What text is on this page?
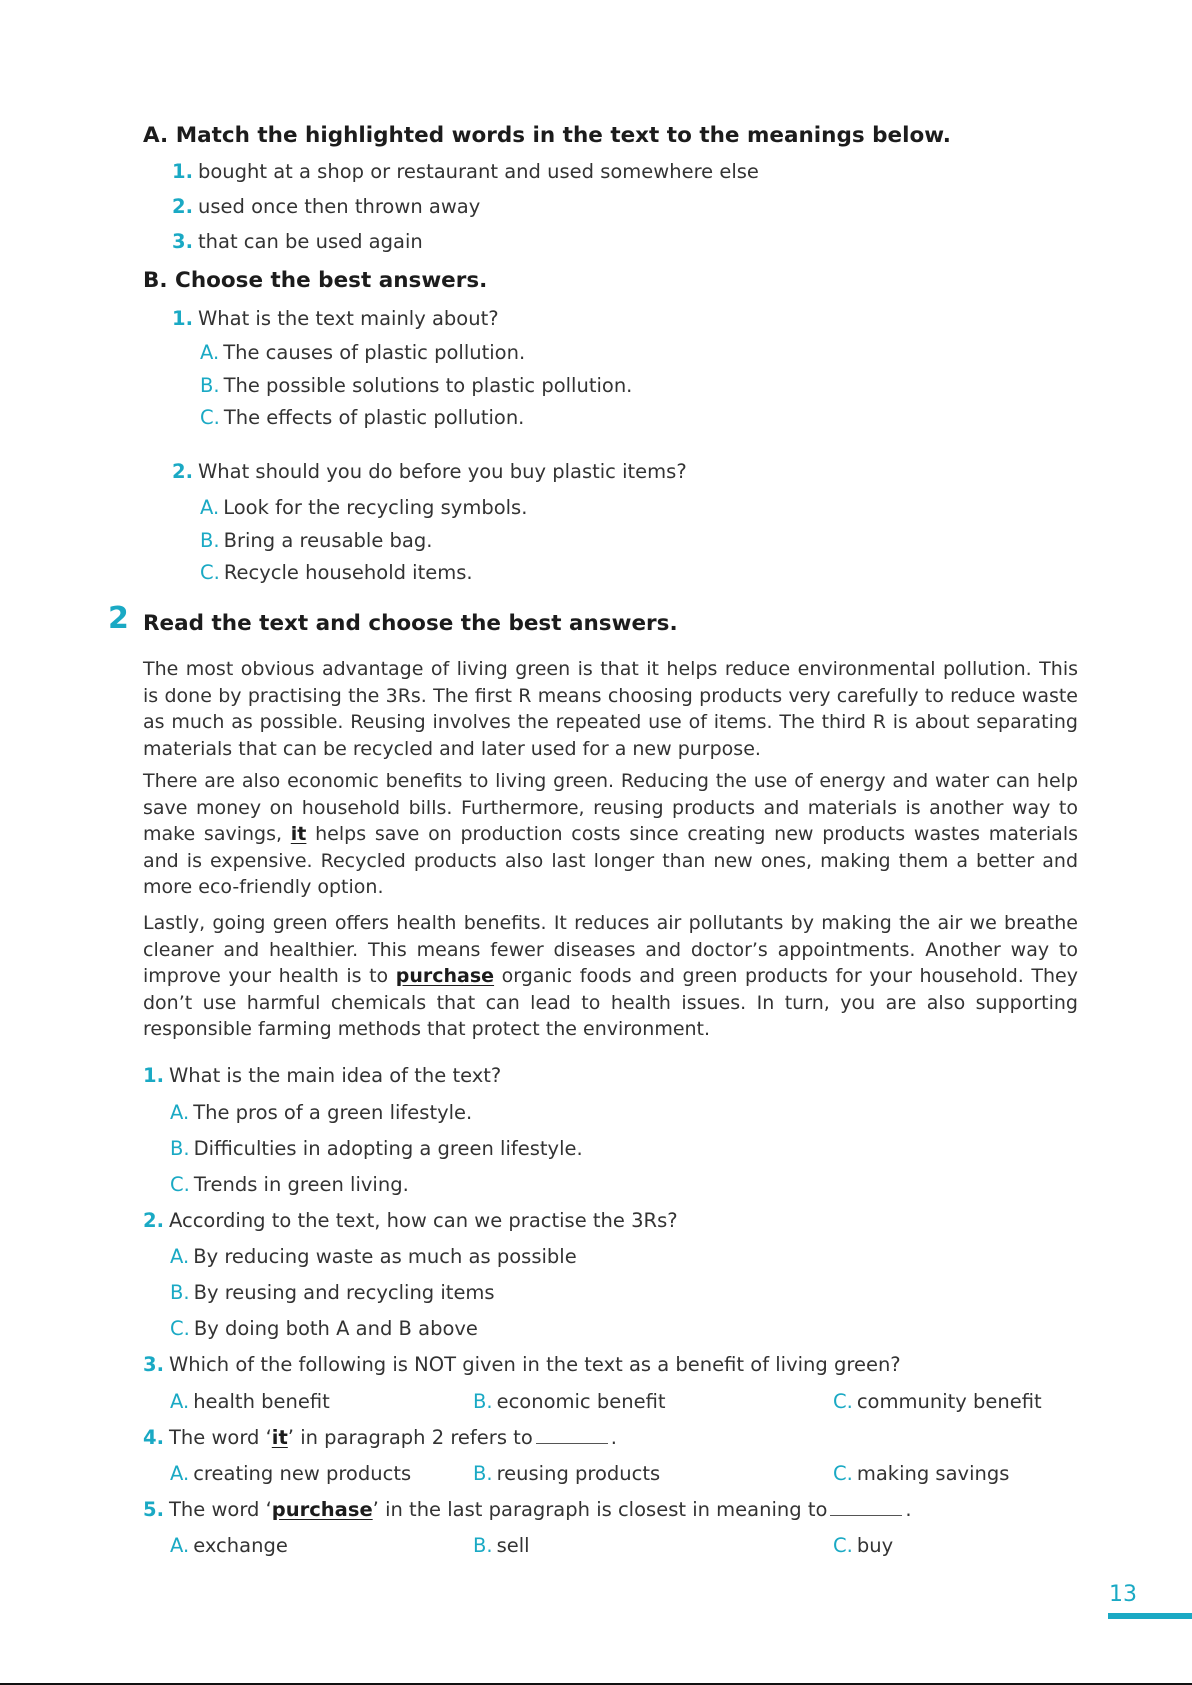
A. Match the highlighted words in the text to the meanings below.
1. bought at a shop or restaurant and used somewhere else
2. used once then thrown away
3. that can be used again
B. Choose the best answers.
1. What is the text mainly about?
A. The causes of plastic pollution.
B. The possible solutions to plastic pollution.
C. The effects of plastic pollution.
2. What should you do before you buy plastic items?
A. Look for the recycling symbols.
B. Bring a reusable bag.
C. Recycle household items.
2 Read the text and choose the best answers.

The most obvious advantage of living green is that it helps reduce environmental pollution. This is done by practising the 3Rs. The first R means choosing products very carefully to reduce waste as much as possible. Reusing involves the repeated use of items. The third R is about separating materials that can be recycled and later used for a new purpose.

There are also economic benefits to living green. Reducing the use of energy and water can help save money on household bills. Furthermore, reusing products and materials is another way to make savings, it helps save on production costs since creating new products wastes materials and is expensive. Recycled products also last longer than new ones, making them a better and more eco-friendly option.

Lastly, going green offers health benefits. It reduces air pollutants by making the air we breathe cleaner and healthier. This means fewer diseases and doctor’s appointments. Another way to improve your health is to purchase organic foods and green products for your household. They don’t use harmful chemicals that can lead to health issues. In turn, you are also supporting responsible farming methods that protect the environment.

1. What is the main idea of the text?
A. The pros of a green lifestyle.
B. Difficulties in adopting a green lifestyle.
C. Trends in green living.
2. According to the text, how can we practise the 3Rs?
A. By reducing waste as much as possible
B. By reusing and recycling items
C. By doing both A and B above
3. Which of the following is NOT given in the text as a benefit of living green?
A. health benefit	B. economic benefit	C. community benefit
4. The word ‘it’ in paragraph 2 refers to	.
A. creating new products	B. reusing products	C. making savings
5. The word ‘purchase’ in the last paragraph is closest in meaning to	.
A. exchange	B. sell	C. buy
13
